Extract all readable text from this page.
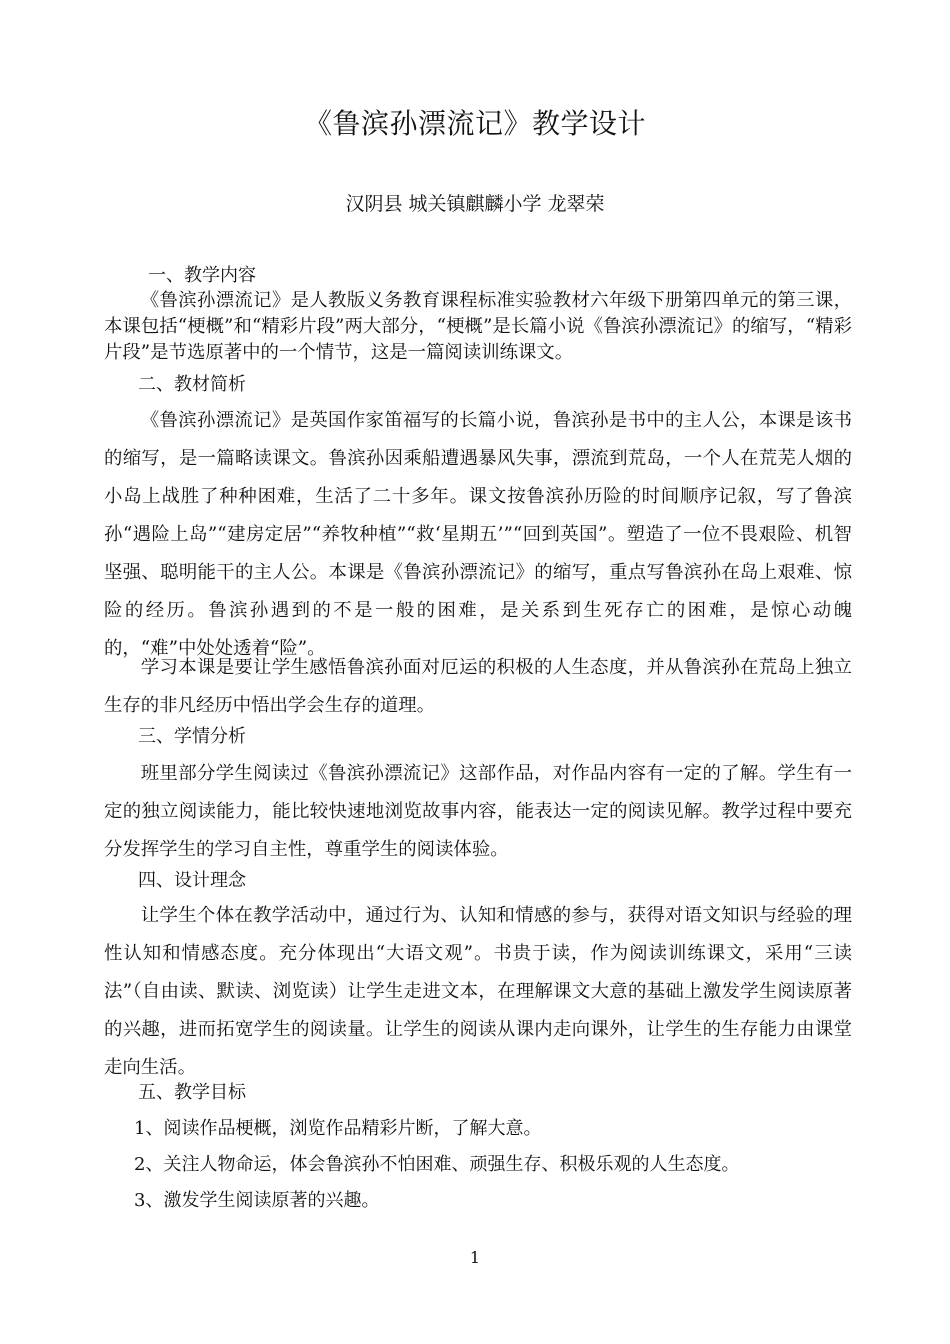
《鲁滨孙漂流记》教学设计
汉阴县 城关镇麒麟小学 龙翠荣
一、教学内容
《鲁滨孙漂流记》是人教版义务教育课程标准实验教材六年级下册第四单元的第三课，本课包括“梗概”和“精彩片段”两大部分，“梗概”是长篇小说《鲁滨孙漂流记》的缩写，“精彩片段”是节选原著中的一个情节，这是一篇阅读训练课文。
二、教材简析
《鲁滨孙漂流记》是英国作家笛福写的长篇小说，鲁滨孙是书中的主人公，本课是该书的缩写，是一篇略读课文。鲁滨孙因乘船遭遇暴风失事，漂流到荒岛，一个人在荒芜人烟的小岛上战胜了种种困难，生活了二十多年。课文按鲁滨孙历险的时间顺序记叙，写了鲁滨孙“遇险上岛”“建房定居”“养牧种植”“救‘星期五’”“回到英国”。塑造了一位不畏艰险、机智坚强、聪明能干的主人公。本课是《鲁滨孙漂流记》的缩写，重点写鲁滨孙在岛上艰难、惊险的经历。鲁滨孙遇到的不是一般的困难，是关系到生死存亡的困难，是惊心动魄的，“难”中处处透着“险”。
学习本课是要让学生感悟鲁滨孙面对厄运的积极的人生态度，并从鲁滨孙在荒岛上独立生存的非凡经历中悟出学会生存的道理。
三、学情分析
班里部分学生阅读过《鲁滨孙漂流记》这部作品，对作品内容有一定的了解。学生有一定的独立阅读能力，能比较快速地浏览故事内容，能表达一定的阅读见解。教学过程中要充分发挥学生的学习自主性，尊重学生的阅读体验。
四、设计理念
让学生个体在教学活动中，通过行为、认知和情感的参与，获得对语文知识与经验的理性认知和情感态度。充分体现出“大语文观”。书贵于读，作为阅读训练课文，采用“三读法”（自由读、默读、浏览读）让学生走进文本，在理解课文大意的基础上激发学生阅读原著的兴趣，进而拓宽学生的阅读量。让学生的阅读从课内走向课外，让学生的生存能力由课堂走向生活。
五、教学目标
1、阅读作品梗概，浏览作品精彩片断，了解大意。
2、关注人物命运，体会鲁滨孙不怕困难、顽强生存、积极乐观的人生态度。
3、激发学生阅读原著的兴趣。
1
